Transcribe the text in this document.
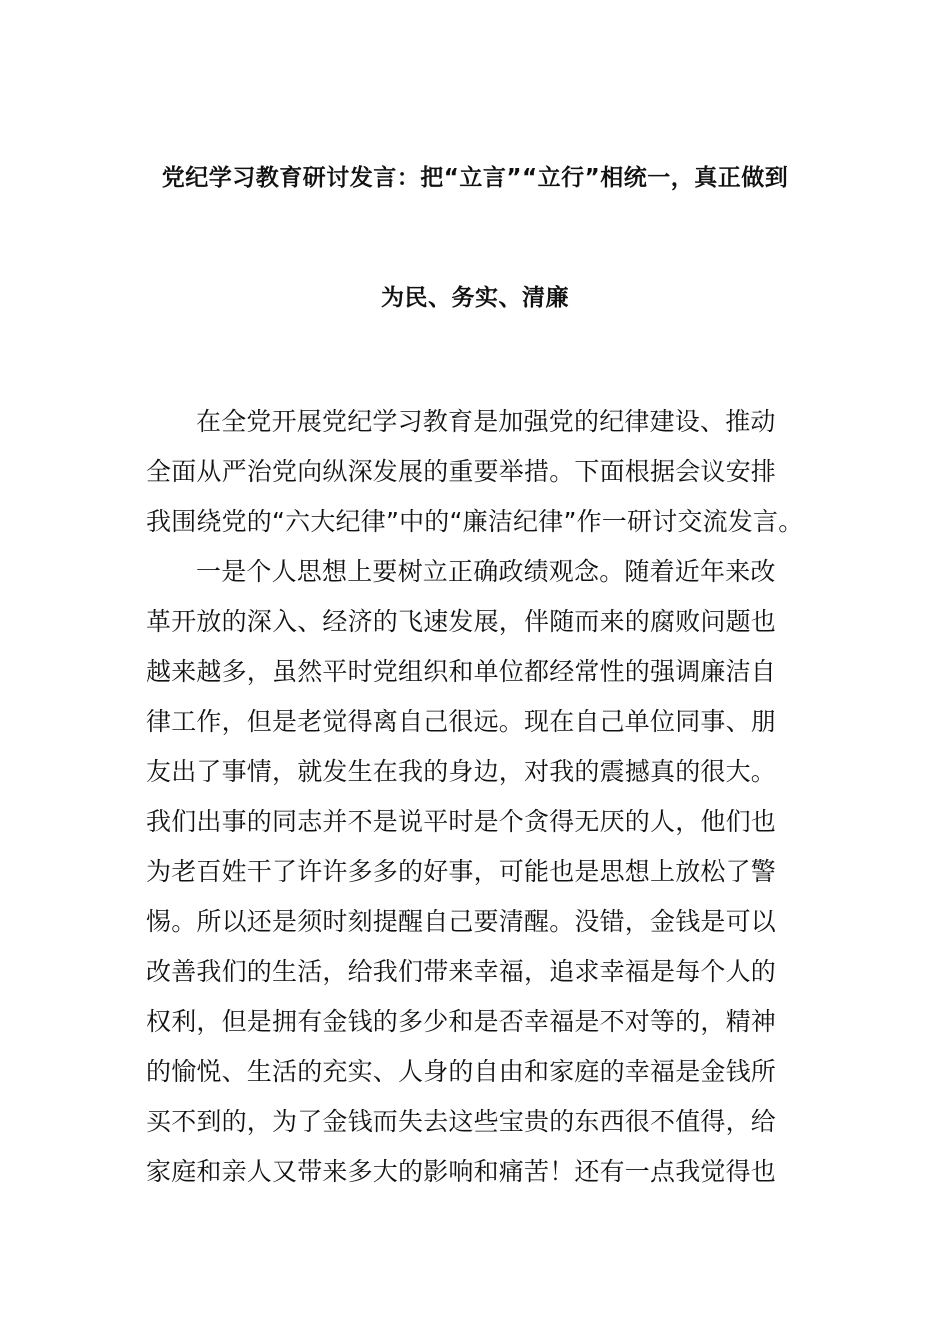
党纪学习教育研讨发言：把“立言”“立行”相统一，真正做到
为民、务实、清廉
在全党开展党纪学习教育是加强党的纪律建设、推动
全面从严治党向纵深发展的重要举措。下面根据会议安排
我围绕党的“六大纪律”中的“廉洁纪律”作一研讨交流发言。
一是个人思想上要树立正确政绩观念。随着近年来改
革开放的深入、经济的飞速发展，伴随而来的腐败问题也
越来越多，虽然平时党组织和单位都经常性的强调廉洁自
律工作，但是老觉得离自己很远。现在自己单位同事、朋
友出了事情，就发生在我的身边，对我的震撼真的很大。
我们出事的同志并不是说平时是个贪得无厌的人，他们也
为老百姓干了许许多多的好事，可能也是思想上放松了警
惕。所以还是须时刻提醒自己要清醒。没错，金钱是可以
改善我们的生活，给我们带来幸福，追求幸福是每个人的
权利，但是拥有金钱的多少和是否幸福是不对等的，精神
的愉悦、生活的充实、人身的自由和家庭的幸福是金钱所
买不到的，为了金钱而失去这些宝贵的东西很不值得，给
家庭和亲人又带来多大的影响和痛苦！还有一点我觉得也
